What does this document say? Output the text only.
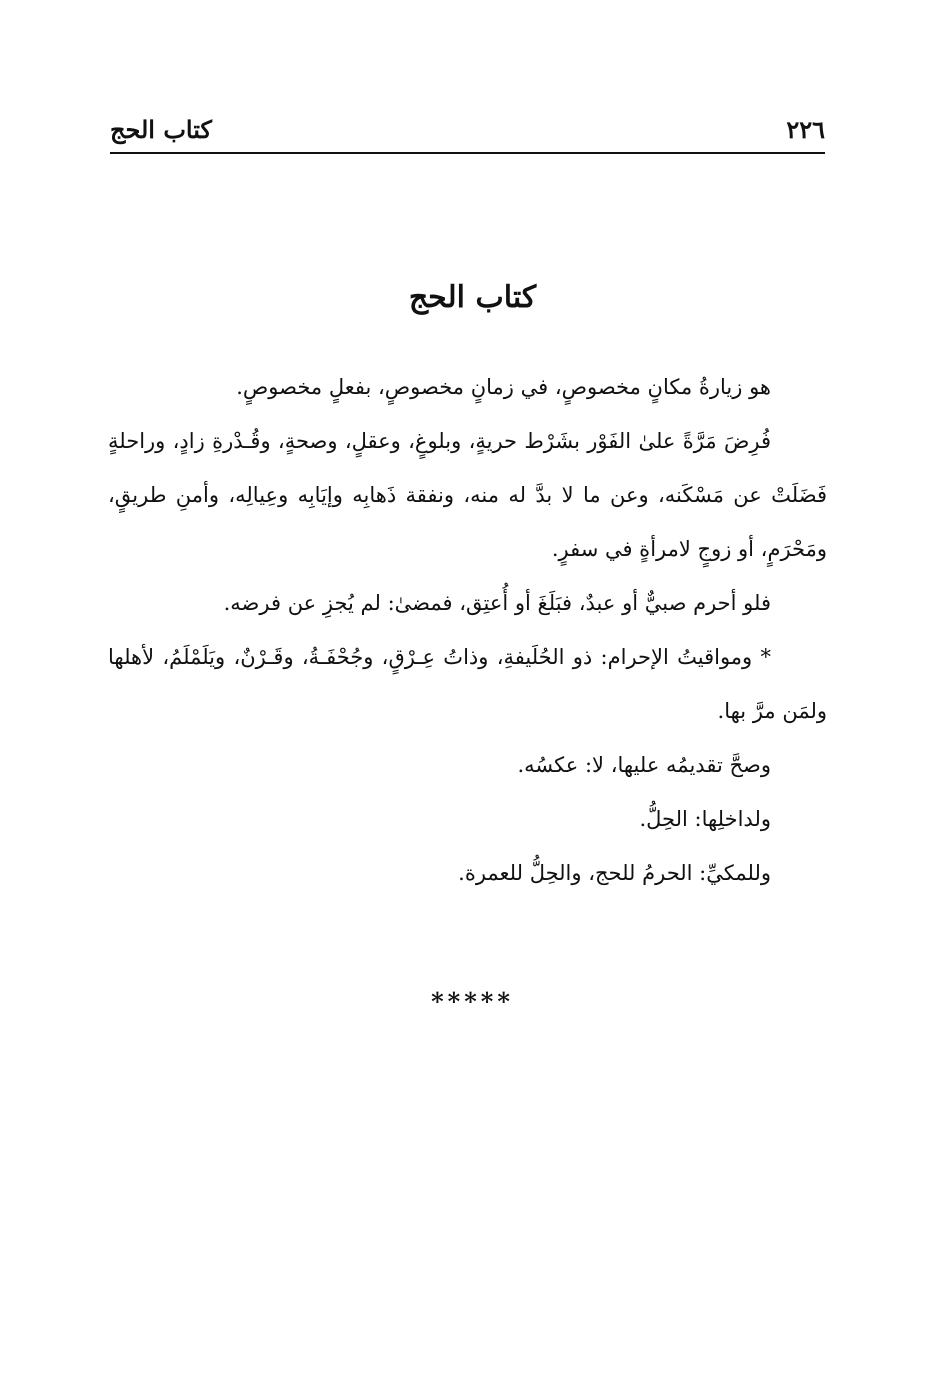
٢٢٦
كتاب الحج
كتاب الحج

هو زيارةُ مكانٍ مخصوصٍ، في زمانٍ مخصوصٍ، بفعلٍ مخصوصٍ.

فُرِضَ مَرَّةً علىٰ الفَوْر بشَرْط حريةٍ، وبلوغٍ، وعقلٍ، وصحةٍ، وقُـدْرةِ زادٍ، وراحلةٍ فَضَلَتْ عن مَسْكَنه، وعن ما لا بدَّ له منه، ونفقة ذَهابِه وإيَابِه وعِيالِه، وأمنِ طريقٍ، ومَحْرَمٍ، أو زوجٍ لامرأةٍ في سفرٍ.

فلو أحرم صبيٌّ أو عبدٌ، فبَلَغَ أو أُعتِق، فمضىٰ: لم يُجزِ عن فرضه.

* ومواقيتُ الإحرام: ذو الحُلَيفةِ، وذاتُ عِـرْقٍ، وجُحْفَـةُ، وقَـرْنٌ، ويَلَمْلَمُ، لأهلها ولمَن مرَّ بها.

وصحَّ تقديمُه عليها، لا: عكسُه.

ولداخلِها: الحِلُّ.

وللمكيِّ: الحرمُ للحج، والحِلُّ للعمرة.

*****
